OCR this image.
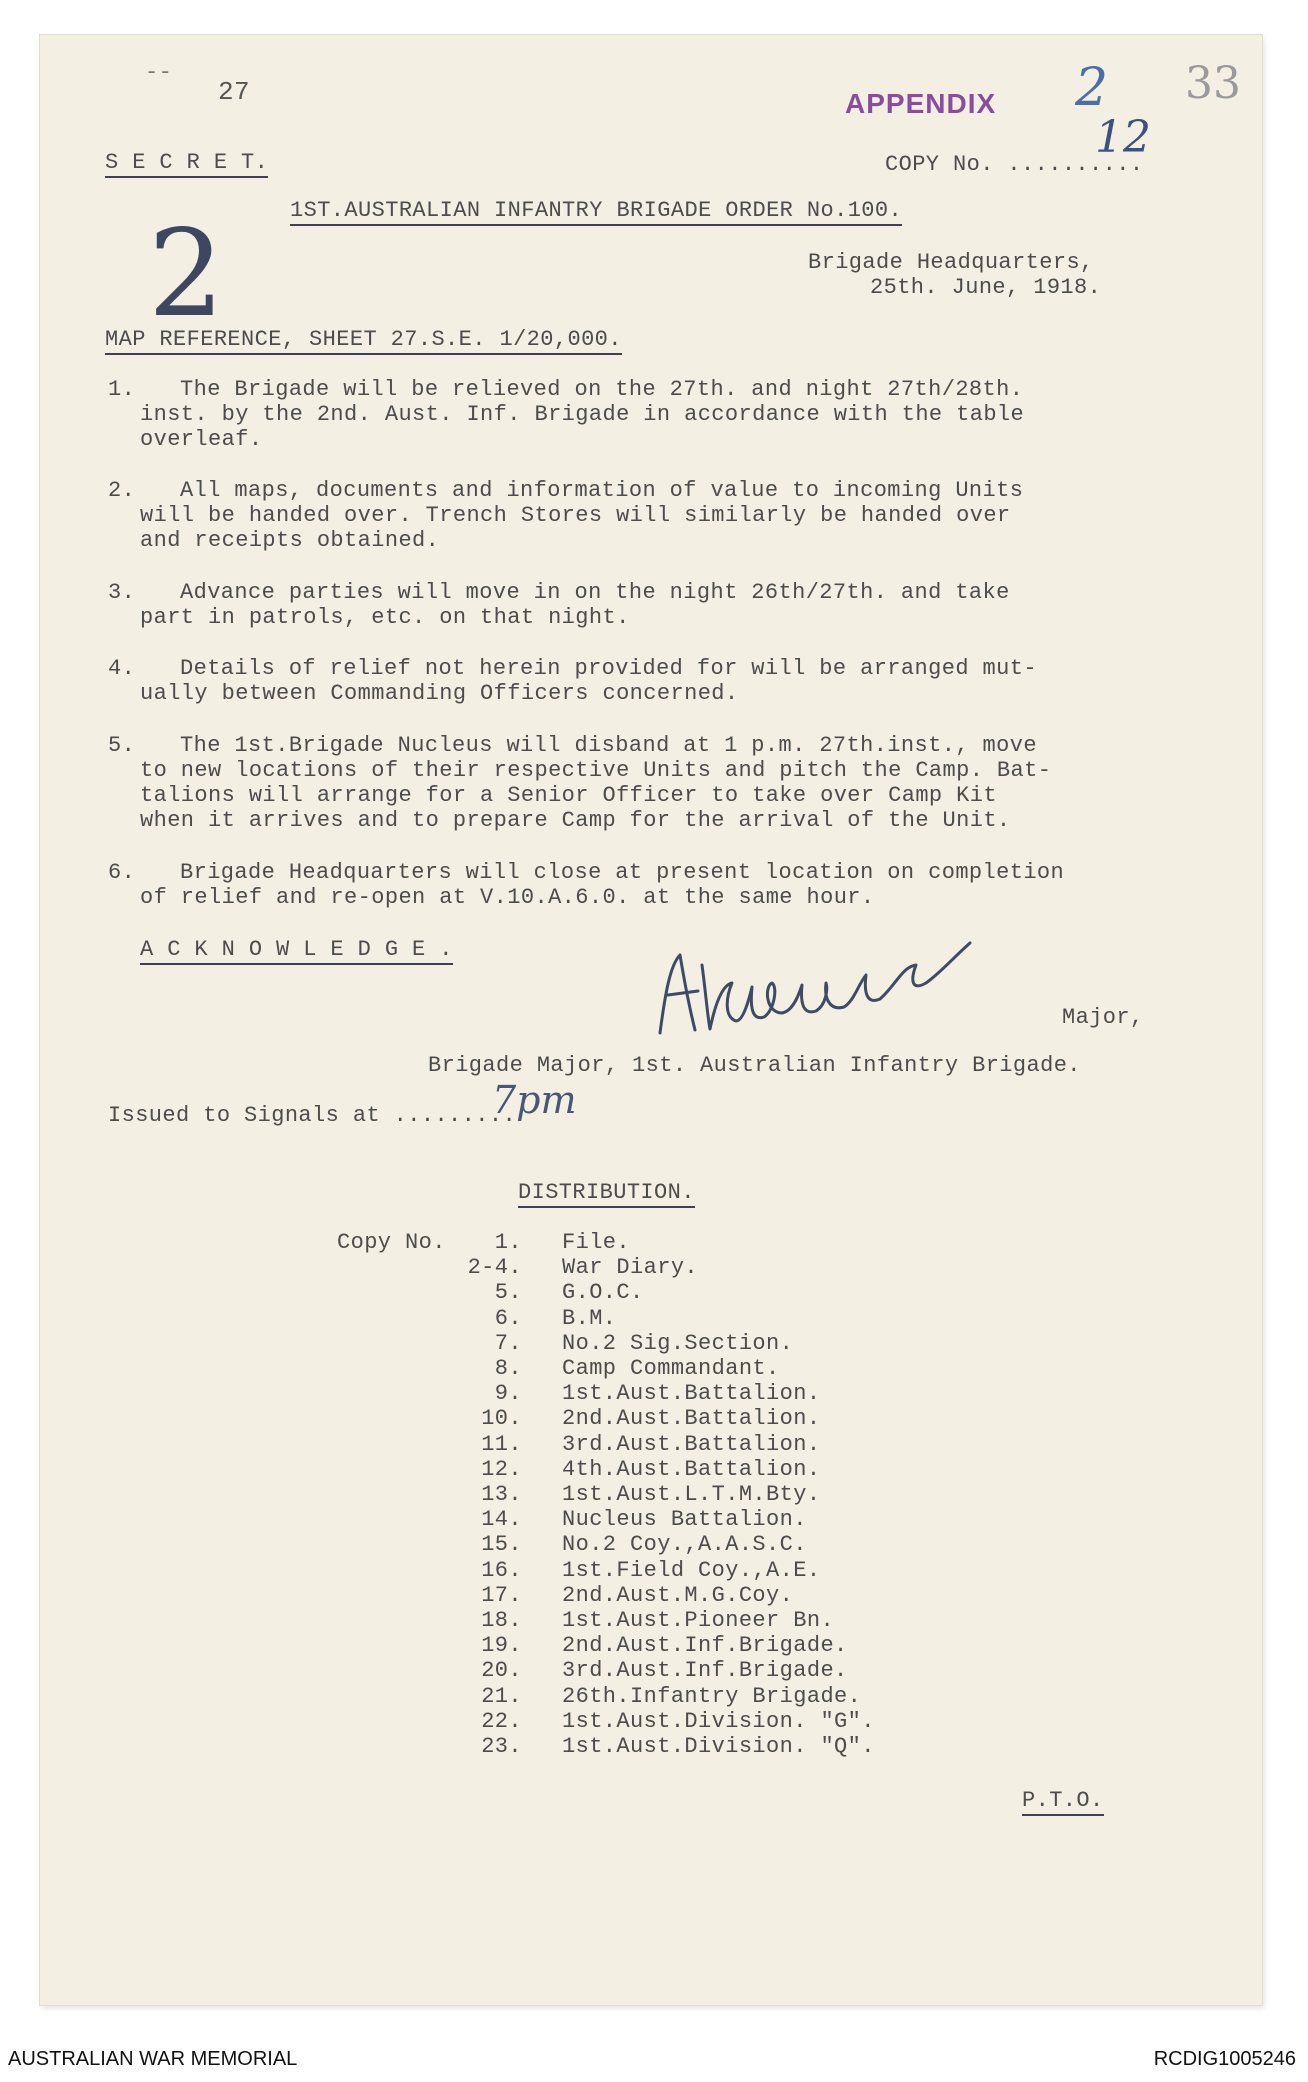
--
27	APPENDIX 2 33
12
2
S E C R E T.	COPY No. ..........
1ST.AUSTRALIAN INFANTRY BRIGADE ORDER No.100.
Brigade Headquarters,
25th. June, 1918.
MAP REFERENCE, SHEET 27.S.E. 1/20,000.
1.	The Brigade will be relieved on the 27th. and night 27th/28th.
inst. by the 2nd. Aust. Inf. Brigade in accordance with the table
overleaf.
2.	All maps, documents and information of value to incoming Units
will be handed over. Trench Stores will similarly be handed over
and receipts obtained.
3.	Advance parties will move in on the night 26th/27th. and take
part in patrols, etc. on that night.
4.	Details of relief not herein provided for will be arranged mut-
ually between Commanding Officers concerned.
5.	The 1st.Brigade Nucleus will disband at 1 p.m. 27th.inst., move
to new locations of their respective Units and pitch the Camp. Bat-
talions will arrange for a Senior Officer to take over Camp Kit
when it arrives and to prepare Camp for the arrival of the Unit.
6.	Brigade Headquarters will close at present location on completion
of relief and re-open at V.10.A.6.0. at the same hour.
A C K N O W L E D G E .
Major,
Brigade Major, 1st. Australian Infantry Brigade.
Issued to Signals at .........
7pm
DISTRIBUTION.
Copy No.	1. File.
2-4. War Diary.
5. G.O.C.
6. B.M.
7. No.2 Sig.Section.
8. Camp Commandant.
9. 1st.Aust.Battalion.
10. 2nd.Aust.Battalion.
11. 3rd.Aust.Battalion.
12. 4th.Aust.Battalion.
13. 1st.Aust.L.T.M.Bty.
14. Nucleus Battalion.
15. No.2 Coy.,A.A.S.C.
16. 1st.Field Coy.,A.E.
17. 2nd.Aust.M.G.Coy.
18. 1st.Aust.Pioneer Bn.
19. 2nd.Aust.Inf.Brigade.
20. 3rd.Aust.Inf.Brigade.
21. 26th.Infantry Brigade.
22. 1st.Aust.Division. "G".
23. 1st.Aust.Division. "Q".
P.T.O.
AUSTRALIAN WAR MEMORIAL	RCDIG1005246
